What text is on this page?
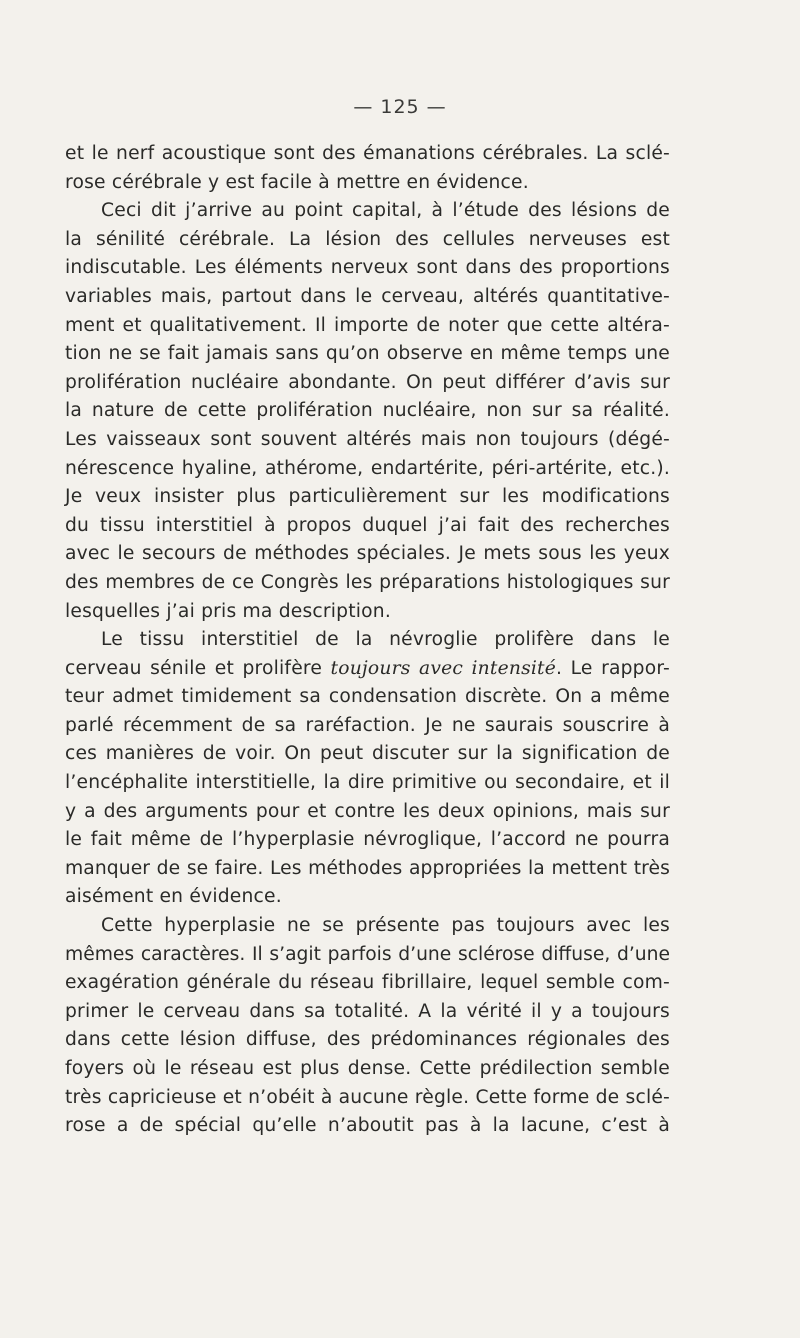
— 125 —
et le nerf acoustique sont des émanations cérébrales. La sclé-
rose cérébrale y est facile à mettre en évidence.
Ceci dit j’arrive au point capital, à l’étude des lésions de
la sénilité cérébrale. La lésion des cellules nerveuses est
indiscutable. Les éléments nerveux sont dans des proportions
variables mais, partout dans le cerveau, altérés quantitative-
ment et qualitativement. Il importe de noter que cette altéra-
tion ne se fait jamais sans qu’on observe en même temps une
prolifération nucléaire abondante. On peut différer d’avis sur
la nature de cette prolifération nucléaire, non sur sa réalité.
Les vaisseaux sont souvent altérés mais non toujours (dégé-
nérescence hyaline, athérome, endartérite, péri-artérite, etc.).
Je veux insister plus particulièrement sur les modifications
du tissu interstitiel à propos duquel j’ai fait des recherches
avec le secours de méthodes spéciales. Je mets sous les yeux
des membres de ce Congrès les préparations histologiques sur
lesquelles j’ai pris ma description.
Le tissu interstitiel de la névroglie prolifère dans le
cerveau sénile et prolifère toujours avec intensité. Le rappor-
teur admet timidement sa condensation discrète. On a même
parlé récemment de sa raréfaction. Je ne saurais souscrire à
ces manières de voir. On peut discuter sur la signification de
l’encéphalite interstitielle, la dire primitive ou secondaire, et il
y a des arguments pour et contre les deux opinions, mais sur
le fait même de l’hyperplasie névroglique, l’accord ne pourra
manquer de se faire. Les méthodes appropriées la mettent très
aisément en évidence.
Cette hyperplasie ne se présente pas toujours avec les
mêmes caractères. Il s’agit parfois d’une sclérose diffuse, d’une
exagération générale du réseau fibrillaire, lequel semble com-
primer le cerveau dans sa totalité. A la vérité il y a toujours
dans cette lésion diffuse, des prédominances régionales des
foyers où le réseau est plus dense. Cette prédilection semble
très capricieuse et n’obéit à aucune règle. Cette forme de sclé-
rose a de spécial qu’elle n’aboutit pas à la lacune, c’est à
